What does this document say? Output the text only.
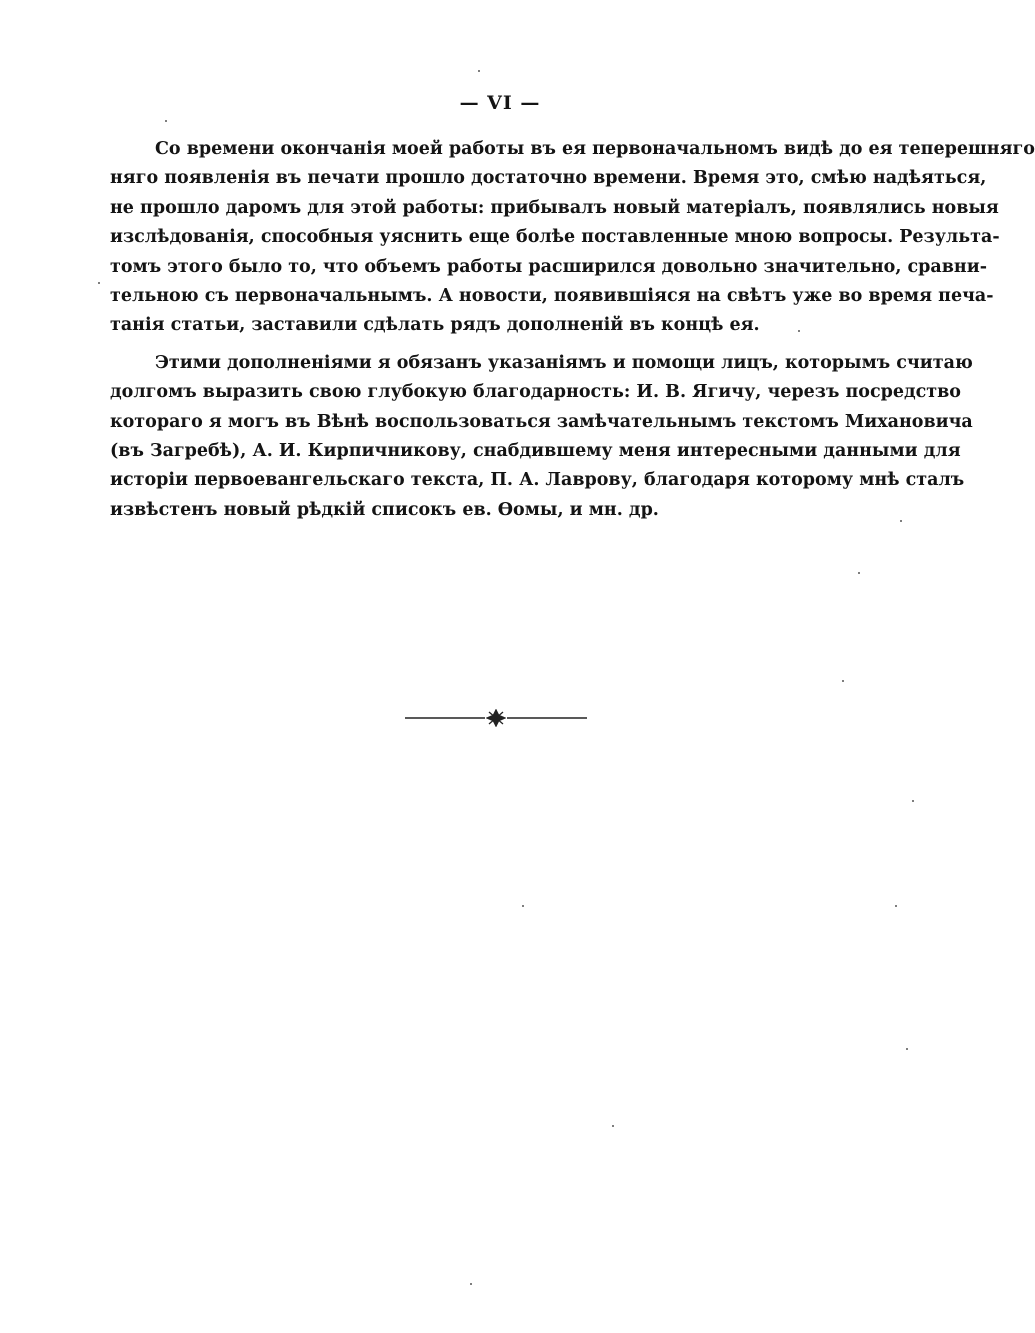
— VI —
Со времени окончанія моей работы въ ея первоначальномъ видѣ до ея теперешняго
няго появленія въ печати прошло достаточно времени. Время это, смѣю надѣяться,
не прошло даромъ для этой работы: прибывалъ новый матеріалъ, появлялись новыя
изслѣдованія, способныя уяснить еще болѣе поставленные мною вопросы. Результа-
томъ этого было то, что объемъ работы расширился довольно значительно, сравни-
тельною съ первоначальнымъ. А новости, появившіяся на свѣтъ уже во время печа-
танія статьи, заставили сдѣлать рядъ дополненій въ концѣ ея.
Этими дополненіями я обязанъ указаніямъ и помощи лицъ, которымъ считаю
долгомъ выразить свою глубокую благодарность: И. В. Ягичу, черезъ посредство
котораго я могъ въ Вѣнѣ воспользоваться замѣчательнымъ текстомъ Михановича
(въ Загребѣ), А. И. Кирпичникову, снабдившему меня интересными данными для
исторіи первоевангельскаго текста, П. А. Лаврову, благодаря которому мнѣ сталъ
извѣстенъ новый рѣдкій списокъ ев. Ѳомы, и мн. др.
